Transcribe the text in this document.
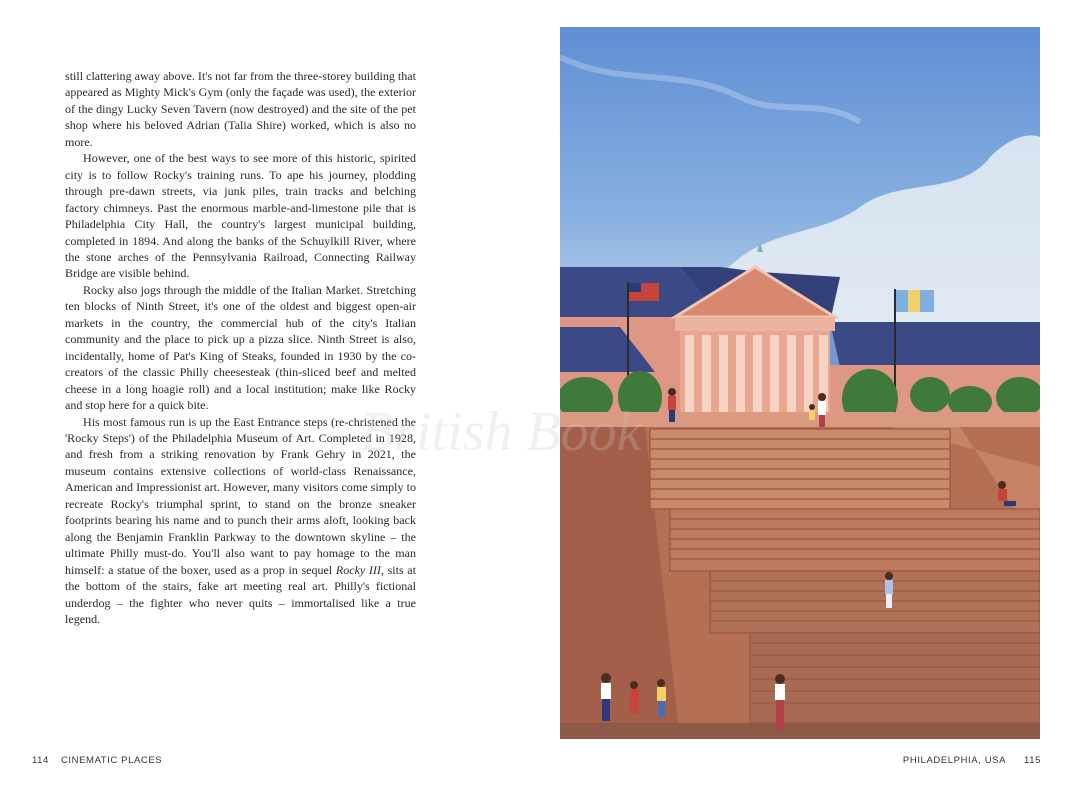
still clattering away above. It's not far from the three-storey building that appeared as Mighty Mick's Gym (only the façade was used), the exterior of the dingy Lucky Seven Tavern (now destroyed) and the site of the pet shop where his beloved Adrian (Talia Shire) worked, which is also no more.

However, one of the best ways to see more of this historic, spirited city is to follow Rocky's training runs. To ape his journey, plodding through pre-dawn streets, via junk piles, train tracks and belching factory chimneys. Past the enormous marble-and-limestone pile that is Philadelphia City Hall, the country's largest municipal building, completed in 1894. And along the banks of the Schuylkill River, where the stone arches of the Pennsylvania Railroad, Connecting Railway Bridge are visible behind.

Rocky also jogs through the middle of the Italian Market. Stretching ten blocks of Ninth Street, it's one of the oldest and biggest open-air markets in the country, the commercial hub of the city's Italian community and the place to pick up a pizza slice. Ninth Street is also, incidentally, home of Pat's King of Steaks, founded in 1930 by the co-creators of the classic Philly cheesesteak (thin-sliced beef and melted cheese in a long hoagie roll) and a local institution; make like Rocky and stop here for a quick bite.

His most famous run is up the East Entrance steps (re-christened the 'Rocky Steps') of the Philadelphia Museum of Art. Completed in 1928, and fresh from a striking renovation by Frank Gehry in 2021, the museum contains extensive collections of world-class Renaissance, American and Impressionist art. However, many visitors come simply to recreate Rocky's triumphal sprint, to stand on the bronze sneaker footprints bearing his name and to punch their arms aloft, looking back along the Benjamin Franklin Parkway to the downtown skyline – the ultimate Philly must-do. You'll also want to pay homage to the man himself: a statue of the boxer, used as a prop in sequel Rocky III, sits at the bottom of the stairs, fake art meeting real art. Philly's fictional underdog – the fighter who never quits – immortalised like a true legend.

114 CINEMATIC PLACES	PHILADELPHIA, USA 115
British Book
